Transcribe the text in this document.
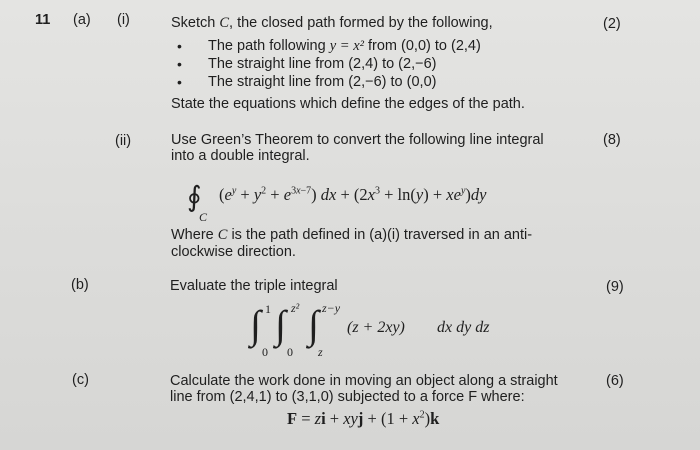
11 (a) (i)	Sketch C, the closed path formed by the following,	(2)
• The path following y = x² from (0,0) to (2,4)
• The straight line from (2,4) to (2,−6)
• The straight line from (2,−6) to (0,0)
State the equations which define the edges of the path.
(ii)	Use Green’s Theorem to convert the following line integral	(8)
into a double integral.
∮
C
$(e^y + y^2 + e^{3x-7})$ dx + $(2x^3 + \ln(y) + xe^y)dy$
Where C is the path defined in (a)(i) traversed in an anti-
clockwise direction.
(b)	Evaluate the triple integral	(9)
∫ 1
0
∫ z²
0
∫ z−y
z
(z + 2xy) dx dy dz
(c)	Calculate the work done in moving an object along a straight	(6)
line from (2,4,1) to (3,1,0) subjected to a force F where:
F = zi + xyj + $(1 + x^2)k$
